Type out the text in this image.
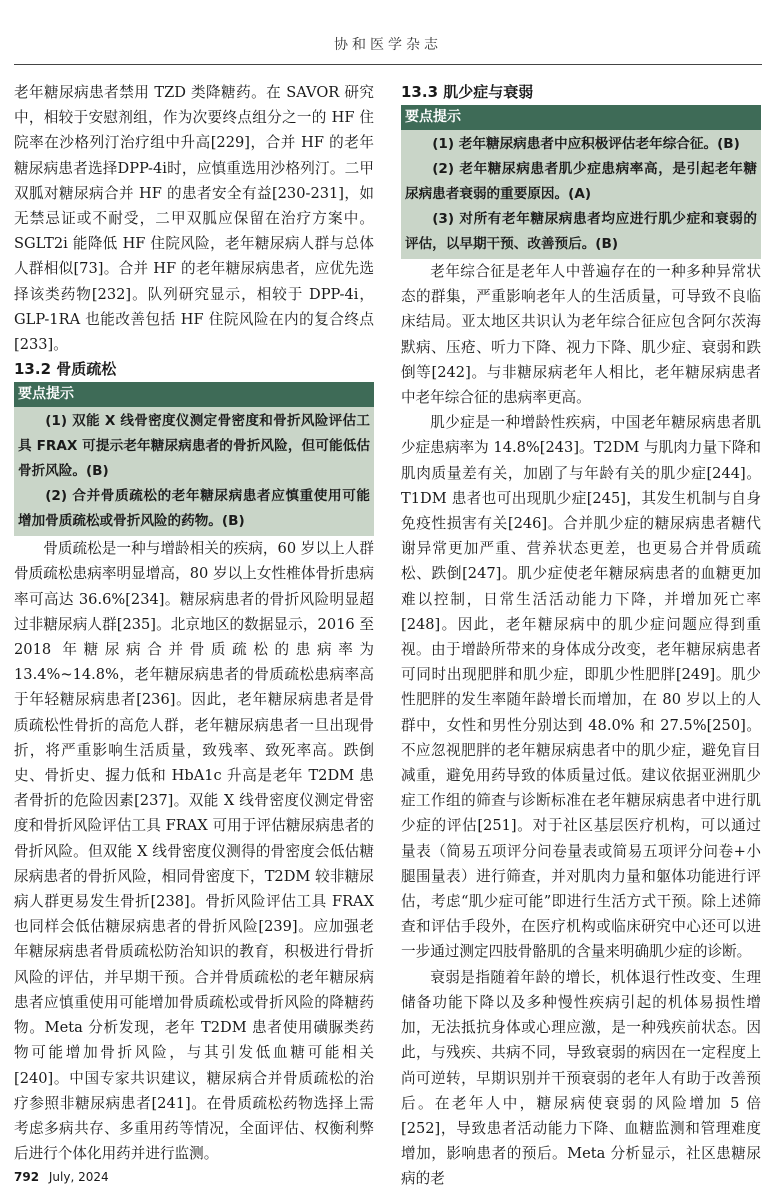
协和医学杂志

老年糖尿病患者禁用 TZD 类降糖药。在 SAVOR 研究中，相较于安慰剂组，作为次要终点组分之一的 HF 住院率在沙格列汀治疗组中升高[229]，合并 HF 的老年糖尿病患者选择DPP-4i时，应慎重选用沙格列汀。二甲双胍对糖尿病合并 HF 的患者安全有益[230-231]，如无禁忌证或不耐受，二甲双胍应保留在治疗方案中。SGLT2i 能降低 HF 住院风险，老年糖尿病人群与总体人群相似[73]。合并 HF 的老年糖尿病患者，应优先选择该类药物[232]。队列研究显示，相较于 DPP-4i，GLP-1RA 也能改善包括 HF 住院风险在内的复合终点[233]。

13.2 骨质疏松

要点提示

(1) 双能 X 线骨密度仪测定骨密度和骨折风险评估工具 FRAX 可提示老年糖尿病患者的骨折风险，但可能低估骨折风险。(B)

(2) 合并骨质疏松的老年糖尿病患者应慎重使用可能增加骨质疏松或骨折风险的药物。(B)

骨质疏松是一种与增龄相关的疾病，60 岁以上人群骨质疏松患病率明显增高，80 岁以上女性椎体骨折患病率可高达 36.6%[234]。糖尿病患者的骨折风险明显超过非糖尿病人群[235]。北京地区的数据显示，2016 至 2018 年糖尿病合并骨质疏松的患病率为 13.4%~14.8%，老年糖尿病患者的骨质疏松患病率高于年轻糖尿病患者[236]。因此，老年糖尿病患者是骨质疏松性骨折的高危人群，老年糖尿病患者一旦出现骨折，将严重影响生活质量，致残率、致死率高。跌倒史、骨折史、握力低和 HbA1c 升高是老年 T2DM 患者骨折的危险因素[237]。双能 X 线骨密度仪测定骨密度和骨折风险评估工具 FRAX 可用于评估糖尿病患者的骨折风险。但双能 X 线骨密度仪测得的骨密度会低估糖尿病患者的骨折风险，相同骨密度下，T2DM 较非糖尿病人群更易发生骨折[238]。骨折风险评估工具 FRAX 也同样会低估糖尿病患者的骨折风险[239]。应加强老年糖尿病患者骨质疏松防治知识的教育，积极进行骨折风险的评估，并早期干预。合并骨质疏松的老年糖尿病患者应慎重使用可能增加骨质疏松或骨折风险的降糖药物。Meta 分析发现，老年 T2DM 患者使用磺脲类药物可能增加骨折风险，与其引发低血糖可能相关[240]。中国专家共识建议，糖尿病合并骨质疏松的治疗参照非糖尿病患者[241]。在骨质疏松药物选择上需考虑多病共存、多重用药等情况，全面评估、权衡利弊后进行个体化用药并进行监测。

13.3 肌少症与衰弱

要点提示

(1) 老年糖尿病患者中应积极评估老年综合征。(B)

(2) 老年糖尿病患者肌少症患病率高，是引起老年糖尿病患者衰弱的重要原因。(A)

(3) 对所有老年糖尿病患者均应进行肌少症和衰弱的评估，以早期干预、改善预后。(B)

老年综合征是老年人中普遍存在的一种多种异常状态的群集，严重影响老年人的生活质量，可导致不良临床结局。亚太地区共识认为老年综合征应包含阿尔茨海默病、压疮、听力下降、视力下降、肌少症、衰弱和跌倒等[242]。与非糖尿病老年人相比，老年糖尿病患者中老年综合征的患病率更高。

肌少症是一种增龄性疾病，中国老年糖尿病患者肌少症患病率为 14.8%[243]。T2DM 与肌肉力量下降和肌肉质量差有关，加剧了与年龄有关的肌少症[244]。T1DM 患者也可出现肌少症[245]，其发生机制与自身免疫性损害有关[246]。合并肌少症的糖尿病患者糖代谢异常更加严重、营养状态更差，也更易合并骨质疏松、跌倒[247]。肌少症使老年糖尿病患者的血糖更加难以控制，日常生活活动能力下降，并增加死亡率[248]。因此，老年糖尿病中的肌少症问题应得到重视。由于增龄所带来的身体成分改变，老年糖尿病患者可同时出现肥胖和肌少症，即肌少性肥胖[249]。肌少性肥胖的发生率随年龄增长而增加，在 80 岁以上的人群中，女性和男性分别达到 48.0% 和 27.5%[250]。不应忽视肥胖的老年糖尿病患者中的肌少症，避免盲目减重，避免用药导致的体质量过低。建议依据亚洲肌少症工作组的筛查与诊断标准在老年糖尿病患者中进行肌少症的评估[251]。对于社区基层医疗机构，可以通过量表（简易五项评分问卷量表或简易五项评分问卷+小腿围量表）进行筛查，并对肌肉力量和躯体功能进行评估，考虑“肌少症可能”即进行生活方式干预。除上述筛查和评估手段外，在医疗机构或临床研究中心还可以进一步通过测定四肢骨骼肌的含量来明确肌少症的诊断。

衰弱是指随着年龄的增长，机体退行性改变、生理储备功能下降以及多种慢性疾病引起的机体易损性增加，无法抵抗身体或心理应激，是一种残疾前状态。因此，与残疾、共病不同，导致衰弱的病因在一定程度上尚可逆转，早期识别并干预衰弱的老年人有助于改善预后。在老年人中，糖尿病使衰弱的风险增加 5 倍[252]，导致患者活动能力下降、血糖监测和管理难度增加，影响患者的预后。Meta 分析显示，社区患糖尿病的老

792 July, 2024
